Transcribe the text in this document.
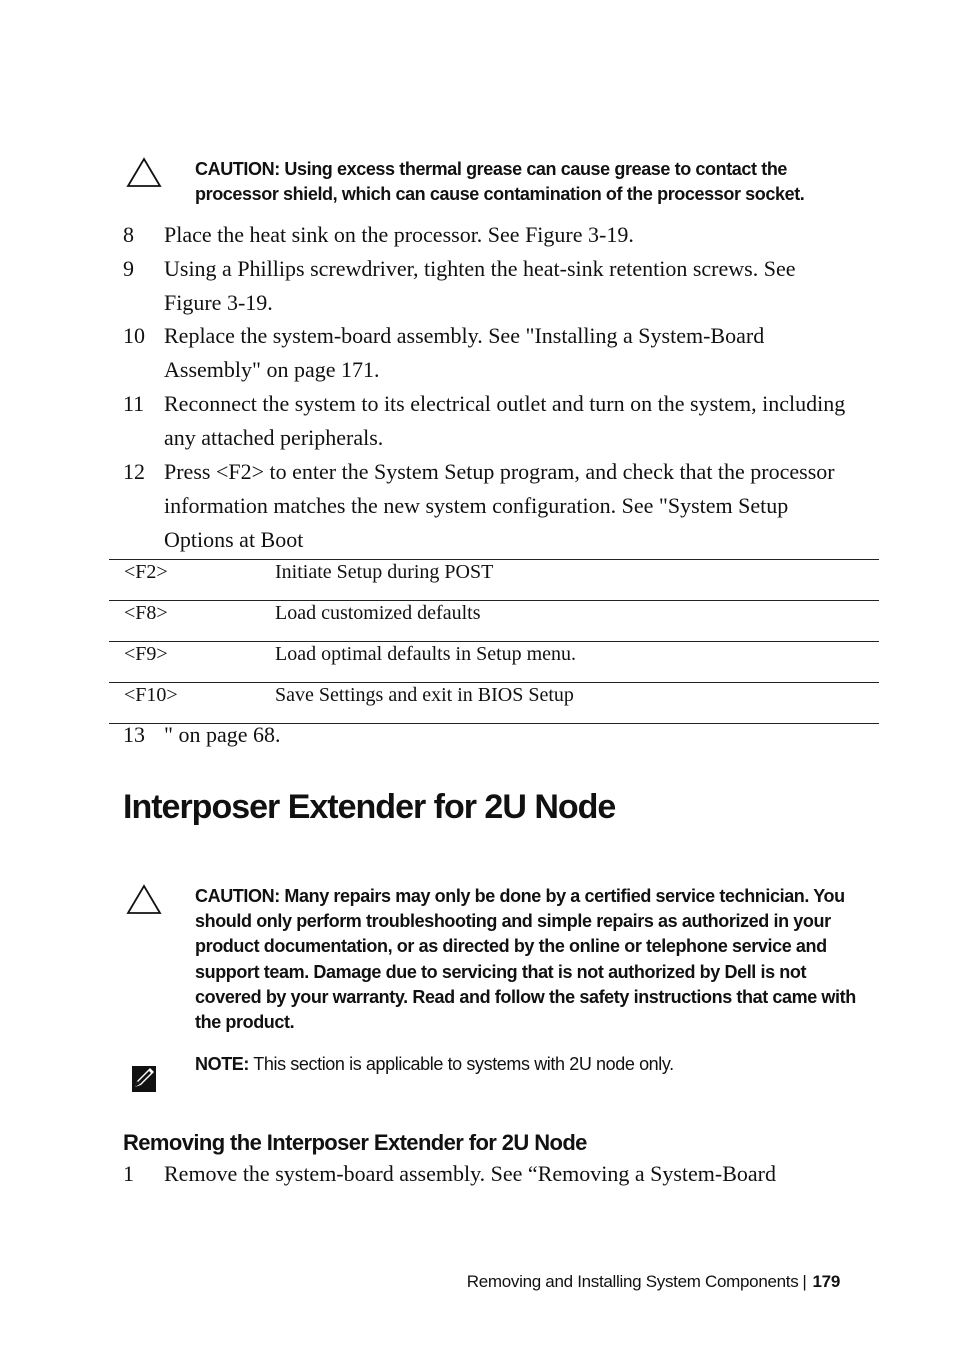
CAUTION: Using excess thermal grease can cause grease to contact the processor shield, which can cause contamination of the processor socket.
8	Place the heat sink on the processor. See Figure 3-19.
9	Using a Phillips screwdriver, tighten the heat-sink retention screws. See Figure 3-19.
10 Replace the system-board assembly. See "Installing a System-Board Assembly" on page 171.
11 Reconnect the system to its electrical outlet and turn on the system, including any attached peripherals.
12 Press <F2> to enter the System Setup program, and check that the processor information matches the new system configuration. See "System Setup Options at Boot
<F2>	Initiate Setup during POST
<F8>	Load customized defaults
<F9>	Load optimal defaults in Setup menu.
<F10>	Save Settings and exit in BIOS Setup
13 " on page 68.
Interposer Extender for 2U Node
CAUTION: Many repairs may only be done by a certified service technician. You should only perform troubleshooting and simple repairs as authorized in your product documentation, or as directed by the online or telephone service and support team. Damage due to servicing that is not authorized by Dell is not covered by your warranty. Read and follow the safety instructions that came with the product.
NOTE: This section is applicable to systems with 2U node only.
Removing the Interposer Extender for 2U Node
1	Remove the system-board assembly. See “Removing a System-Board
Removing and Installing System Components | 179
